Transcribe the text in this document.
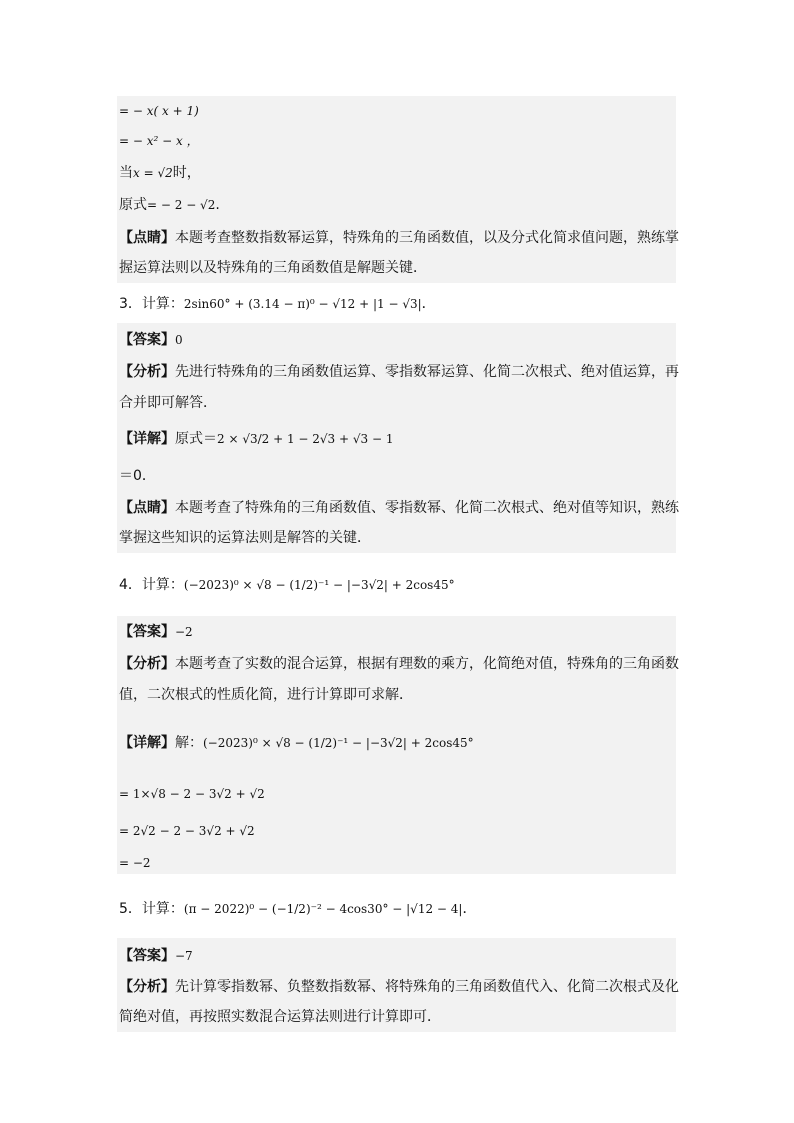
= − x( x + 1)
= − x² − x ，
当x = √2时，
原式= − 2 − √2.
【点睛】本题考查整数指数幂运算，特殊角的三角函数值，以及分式化简求值问题，熟练掌
握运算法则以及特殊角的三角函数值是解题关键．
3．计算：2sin60° + (3.14 − π)⁰ − √12 + |1 − √3|．
【答案】0
【分析】先进行特殊角的三角函数值运算、零指数幂运算、化简二次根式、绝对值运算，再
合并即可解答．
【详解】原式＝2 × √3/2 + 1 − 2√3 + √3 − 1
＝0．
【点睛】本题考查了特殊角的三角函数值、零指数幂、化简二次根式、绝对值等知识，熟练
掌握这些知识的运算法则是解答的关键．
4．计算：(−2023)⁰ × √8 − (1/2)⁻¹ − |−3√2| + 2cos45°
【答案】−2
【分析】本题考查了实数的混合运算，根据有理数的乘方，化简绝对值，特殊角的三角函数
值，二次根式的性质化简，进行计算即可求解．
【详解】解：(−2023)⁰ × √8 − (1/2)⁻¹ − |−3√2| + 2cos45°
= 1×√8 − 2 − 3√2 + √2
= 2√2 − 2 − 3√2 + √2
= −2
5．计算：(π − 2022)⁰ − (−1/2)⁻² − 4cos30° − |√12 − 4|．
【答案】−7
【分析】先计算零指数幂、负整数指数幂、将特殊角的三角函数值代入、化简二次根式及化
简绝对值，再按照实数混合运算法则进行计算即可．
